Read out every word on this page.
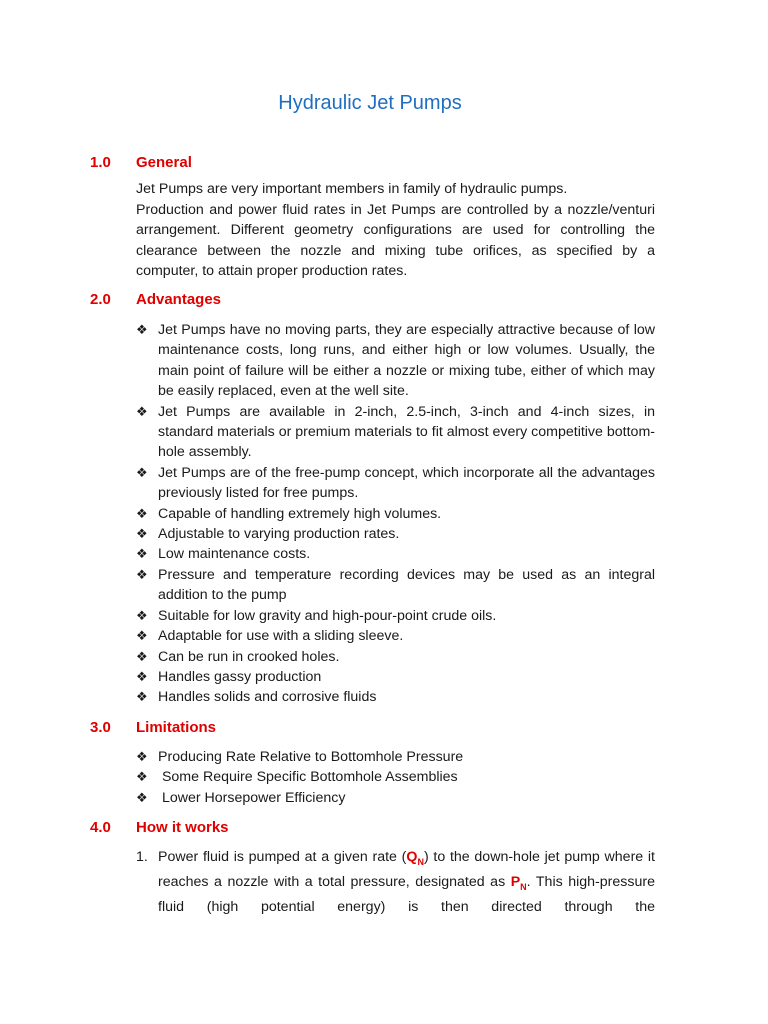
Hydraulic Jet Pumps
1.0 General

Jet Pumps are very important members in family of hydraulic pumps.

Production and power fluid rates in Jet Pumps are controlled by a nozzle/venturi arrangement. Different geometry configurations are used for controlling the clearance between the nozzle and mixing tube orifices, as specified by a computer, to attain proper production rates.

2.0 Advantages
❖ Jet Pumps have no moving parts, they are especially attractive because of low maintenance costs, long runs, and either high or low volumes. Usually, the main point of failure will be either a nozzle or mixing tube, either of which may be easily replaced, even at the well site.
❖ Jet Pumps are available in 2-inch, 2.5-inch, 3-inch and 4-inch sizes, in standard materials or premium materials to fit almost every competitive bottom-hole assembly.
❖ Jet Pumps are of the free-pump concept, which incorporate all the advantages previously listed for free pumps.
❖ Capable of handling extremely high volumes.
❖ Adjustable to varying production rates.
❖ Low maintenance costs.
❖ Pressure and temperature recording devices may be used as an integral addition to the pump
❖ Suitable for low gravity and high-pour-point crude oils.
❖ Adaptable for use with a sliding sleeve.
❖ Can be run in crooked holes.
❖ Handles gassy production
❖ Handles solids and corrosive fluids
3.0 Limitations
❖ Producing Rate Relative to Bottomhole Pressure
❖ Some Require Specific Bottomhole Assemblies
❖ Lower Horsepower Efficiency
4.0 How it works
1. Power fluid is pumped at a given rate $(Q_N)$ to the down-hole jet pump where it reaches a nozzle with a total pressure, designated as $P_N$. This high-pressure fluid (high potential energy) is then directed through the
